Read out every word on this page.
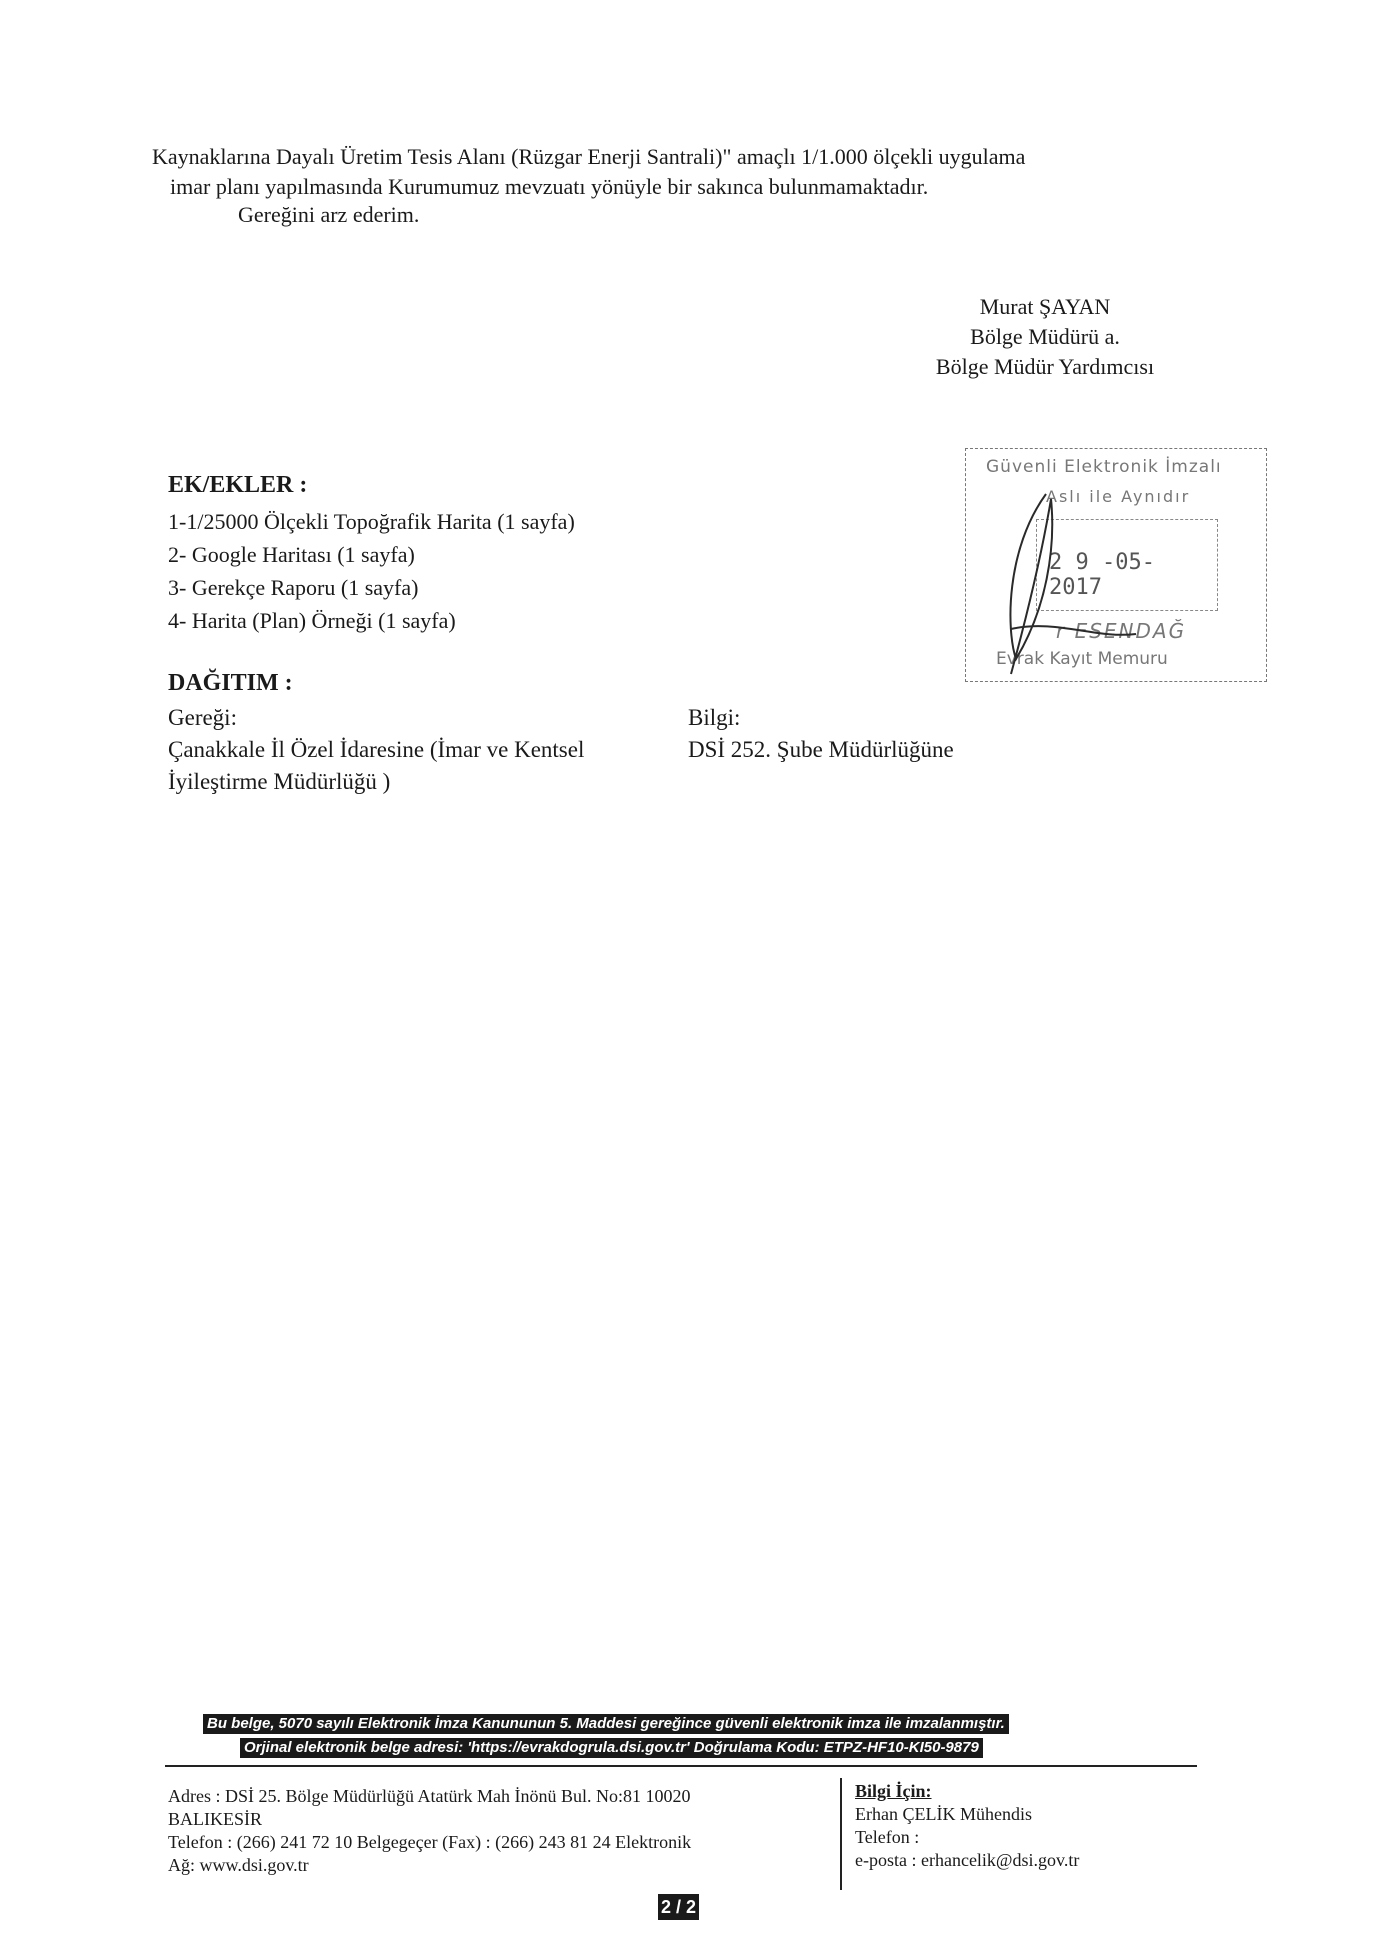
Kaynaklarına Dayalı Üretim Tesis Alanı (Rüzgar Enerji Santrali)" amaçlı 1/1.000 ölçekli uygulama
imar planı yapılmasında Kurumumuz mevzuatı yönüyle bir sakınca bulunmamaktadır.
Gereğini arz ederim.
Murat ŞAYAN
Bölge Müdürü a.
Bölge Müdür Yardımcısı
EK/EKLER :
1-1/25000 Ölçekli Topoğrafik Harita (1 sayfa)
2- Google Haritası (1 sayfa)
3- Gerekçe Raporu (1 sayfa)
4- Harita (Plan) Örneği (1 sayfa)
Güvenli Elektronik İmzalı
Aslı ile Aynıdır
2 9 -05- 2017
r ESENDAĞ
Evrak Kayıt Memuru
DAĞITIM :
Gereği:
Çanakkale İl Özel İdaresine (İmar ve Kentsel
İyileştirme Müdürlüğü )
Bilgi:
DSİ 252. Şube Müdürlüğüne
Bu belge, 5070 sayılı Elektronik İmza Kanununun 5. Maddesi gereğince güvenli elektronik imza ile imzalanmıştır.
Orjinal elektronik belge adresi: 'https://evrakdogrula.dsi.gov.tr' Doğrulama Kodu: ETPZ-HF10-KI50-9879
Adres : DSİ 25. Bölge Müdürlüğü Atatürk Mah İnönü Bul. No:81 10020
BALIKESİR
Telefon : (266) 241 72 10 Belgegeçer (Fax) : (266) 243 81 24 Elektronik
Ağ: www.dsi.gov.tr
Bilgi İçin:
Erhan ÇELİK Mühendis
Telefon :
e-posta : erhancelik@dsi.gov.tr
2 / 2
